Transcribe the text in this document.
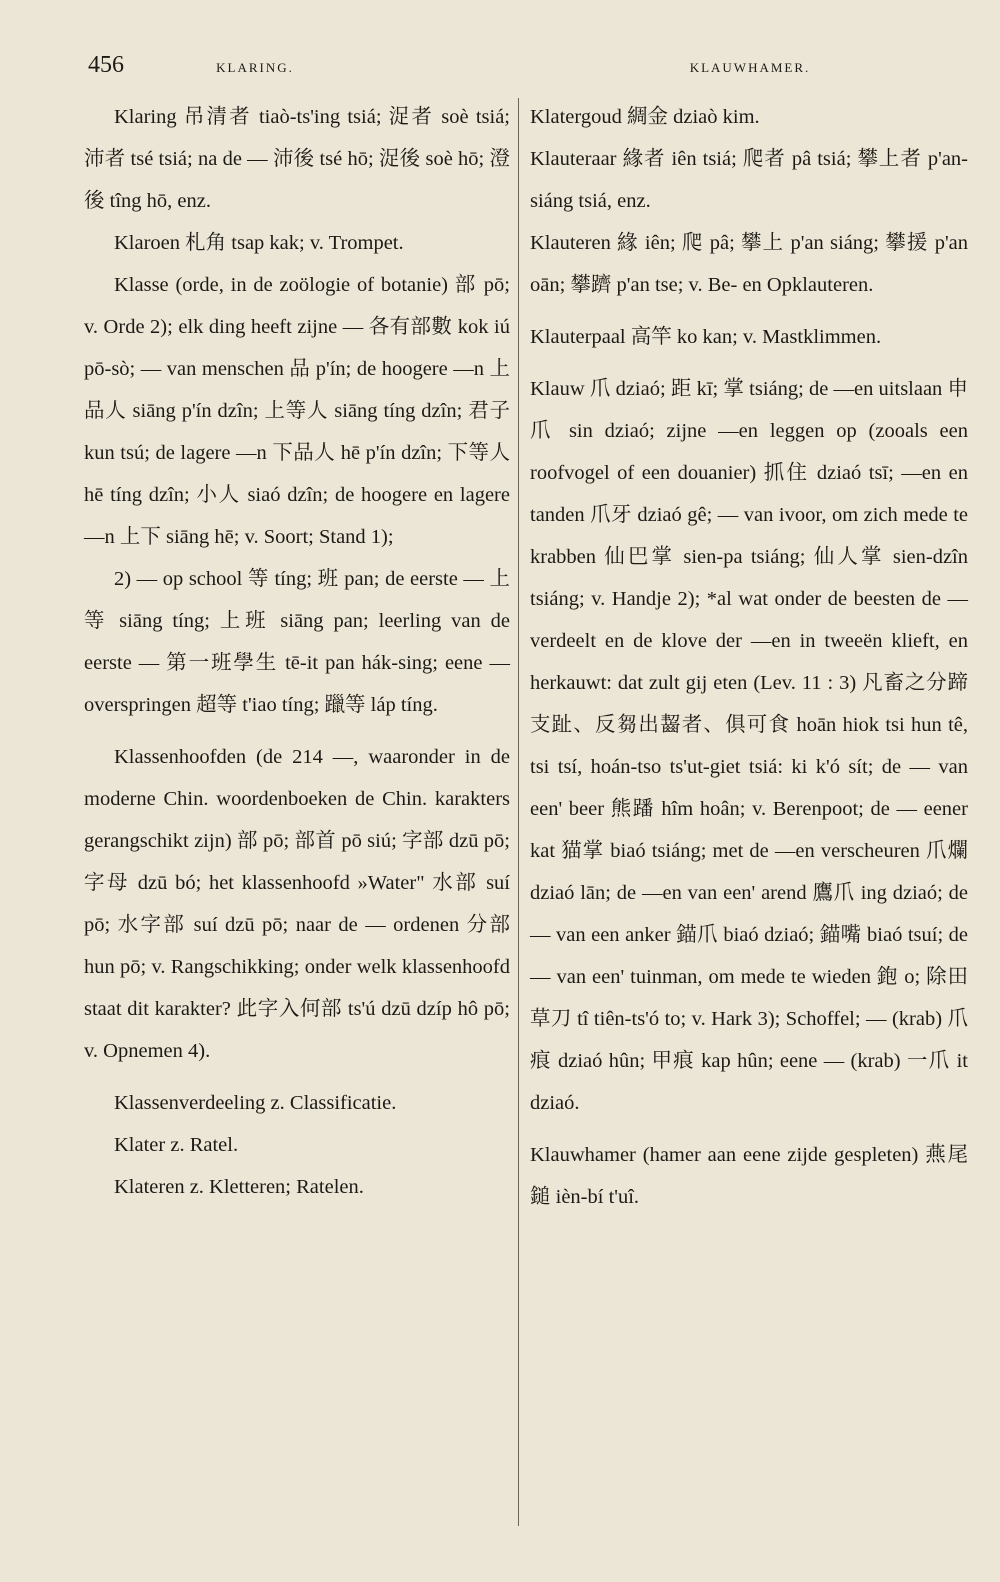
456	KLARING.	KLAUWHAMER.

Klaring 吊清者 tiaò-ts'ing tsiá; 浞者 soè tsiá; 沛者 tsé tsiá; na de — 沛後 tsé hō; 浞後 soè hō; 澄後 tîng hō, enz.

Klaroen 札角 tsap kak; v. Trompet.

Klasse (orde, in de zoölogie of botanie) 部 pō; v. Orde 2); elk ding heeft zijne — 各有部數 kok iú pō-sò; — van menschen 品 p'ín; de hoogere —n 上品人 siāng p'ín dzîn; 上等人 siāng tíng dzîn; 君子 kun tsú; de lagere —n 下品人 hē p'ín dzîn; 下等人 hē tíng dzîn; 小人 siaó dzîn; de hoogere en lagere —n 上下 siāng hē; v. Soort; Stand 1);

2) — op school 等 tíng; 班 pan; de eerste — 上等 siāng tíng; 上班 siāng pan; leerling van de eerste — 第一班學生 tē-it pan hák-sing; eene — overspringen 超等 t'iao tíng; 躐等 láp tíng.

Klassenhoofden (de 214 —, waaronder in de moderne Chin. woordenboeken de Chin. karakters gerangschikt zijn) 部 pō; 部首 pō siú; 字部 dzū pō; 字母 dzū bó; het klassenhoofd »Water" 水部 suí pō; 水字部 suí dzū pō; naar de — ordenen 分部 hun pō; v. Rangschikking; onder welk klassenhoofd staat dit karakter? 此字入何部 ts'ú dzū dzíp hô pō; v. Opnemen 4).

Klassenverdeeling z. Classificatie.

Klater z. Ratel.

Klateren z. Kletteren; Ratelen.

Klatergoud 綢金 dziaò kim.

Klauteraar 緣者 iên tsiá; 爬者 pâ tsiá; 攀上者 p'an-siáng tsiá, enz.

Klauteren 緣 iên; 爬 pâ; 攀上 p'an siáng; 攀援 p'an oān; 攀躋 p'an tse; v. Be- en Opklauteren.

Klauterpaal 高竿 ko kan; v. Mastklimmen.

Klauw 爪 dziaó; 距 kī; 掌 tsiáng; de —en uitslaan 申爪 sin dziaó; zijne —en leggen op (zooals een roofvogel of een douanier) 抓住 dziaó tsī; —en en tanden 爪牙 dziaó gê; — van ivoor, om zich mede te krabben 仙巴掌 sien-pa tsiáng; 仙人掌 sien-dzîn tsiáng; v. Handje 2); *al wat onder de beesten de — verdeelt en de klove der —en in tweeën klieft, en herkauwt: dat zult gij eten (Lev. 11 : 3) 凡畜之分蹄支趾、反芻出齧者、俱可食 hoān hiok tsi hun tê, tsi tsí, hoán-tso ts'ut-giet tsiá: ki k'ó sít; de — van een' beer 熊蹯 hîm hoân; v. Berenpoot; de — eener kat 猫掌 biaó tsiáng; met de —en verscheuren 爪爛 dziaó lān; de —en van een' arend 鷹爪 ing dziaó; de — van een anker 錨爪 biaó dziaó; 錨嘴 biaó tsuí; de — van een' tuinman, om mede te wieden 鉋 o; 除田草刀 tî tiên-ts'ó to; v. Hark 3); Schoffel; — (krab) 爪痕 dziaó hûn; 甲痕 kap hûn; eene — (krab) 一爪 it dziaó.

Klauwhamer (hamer aan eene zijde gespleten) 燕尾鎚 ièn-bí t'uî.
